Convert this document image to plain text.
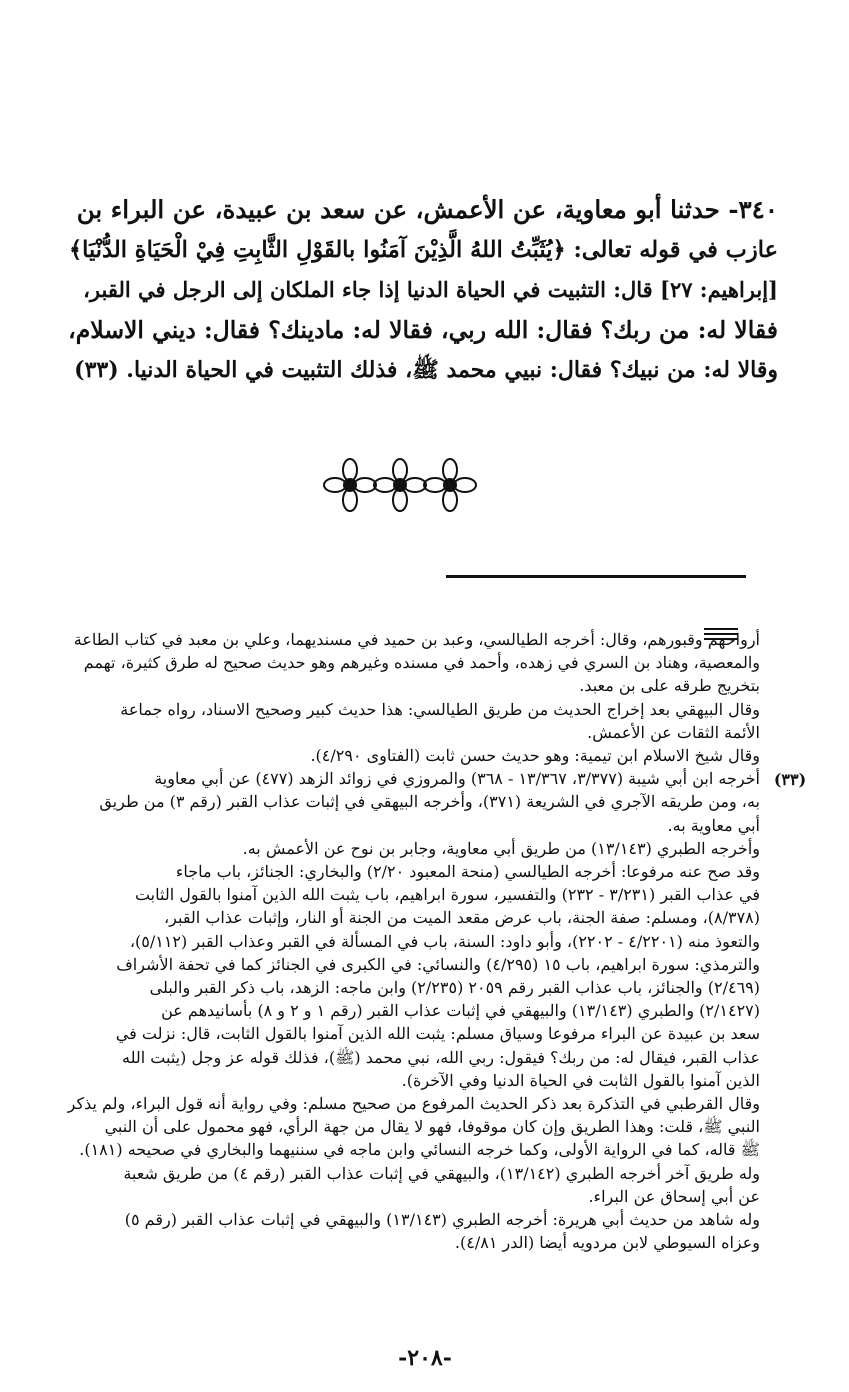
٣٤٠- حدثنا أبو معاوية، عن الأعمش، عن سعد بن عبيدة، عن البراء بن
عازب في قوله تعالى: ﴿يُثَبِّتُ اللهُ الَّذِيْنَ آمَنُوا بالقَوْلِ الثَّابِتِ فِيْ الْحَيَاةِ الدُّنْيَا﴾
[إبراهيم: ٢٧] قال: التثبيت في الحياة الدنيا إذا جاء الملكان إلى الرجل في القبر،
فقالا له: من ربك؟ فقال: الله ربي، فقالا له: مادينك؟ فقال: ديني الاسلام،
وقالا له: من نبيك؟ فقال: نبيي محمد ﷺ، فذلك التثبيت في الحياة الدنيا. (٣٣)
(٣٣)
أرواحهم وقبورهم، وقال: أخرجه الطيالسي، وعبد بن حميد في مسنديهما، وعلي بن معبد في كتاب الطاعة
والمعصية، وهناد بن السري في زهده، وأحمد في مسنده وغيرهم وهو حديث صحيح له طرق كثيرة، تهمم
بتخريج طرقه على بن معبد.
وقال البيهقي بعد إخراج الحديث من طريق الطيالسي: هذا حديث كبير وصحيح الاسناد، رواه جماعة
الأئمة الثقات عن الأعمش.
وقال شيخ الاسلام ابن تيمية: وهو حديث حسن ثابت (الفتاوى ٤/٢٩٠).
أخرجه ابن أبي شيبة (٣/٣٧٧، ١٣/٣٦٧ - ٣٦٨) والمروزي في زوائد الزهد (٤٧٧) عن أبي معاوية
به، ومن طريقه الآجري في الشريعة (٣٧١)، وأخرجه البيهقي في إثبات عذاب القبر (رقم ٣) من طريق
أبي معاوية به.
وأخرجه الطبري (١٣/١٤٣) من طريق أبي معاوية، وجابر بن نوح عن الأعمش به.
وقد صح عنه مرفوعا: أخرجه الطيالسي (منحة المعبود ٢/٢٠) والبخاري: الجنائز، باب ماجاء
في عذاب القبر (٣/٢٣١ - ٢٣٢) والتفسير، سورة ابراهيم، باب يثبت الله الذين آمنوا بالقول الثابت
(٨/٣٧٨)، ومسلم: صفة الجنة، باب عرض مقعد الميت من الجنة أو النار، وإثبات عذاب القبر،
والتعوذ منه (٤/٢٢٠١ - ٢٢٠٢)، وأبو داود: السنة، باب في المسألة في القبر وعذاب القبر (٥/١١٢)،
والترمذي: سورة ابراهيم، باب ١٥ (٤/٢٩٥) والنسائي: في الكبرى في الجنائز كما في تحفة الأشراف
(٢/٤٦٩) والجنائز، باب عذاب القبر رقم ٢٠٥٩ (٢/٢٣٥) وابن ماجه: الزهد، باب ذكر القبر والبلى
(٢/١٤٢٧) والطبري (١٣/١٤٣) والبيهقي في إثبات عذاب القبر (رقم ١ و ٢ و ٨) بأسانيدهم عن
سعد بن عبيدة عن البراء مرفوعا وسياق مسلم: يثبت الله الذين آمنوا بالقول الثابت، قال: نزلت في
عذاب القبر، فيقال له: من ربك؟ فيقول: ربي الله، نبي محمد (ﷺ)، فذلك قوله عز وجل (يثبت الله
الذين آمنوا بالقول الثابت في الحياة الدنيا وفي الآخرة).
وقال القرطبي في التذكرة بعد ذكر الحديث المرفوع من صحيح مسلم: وفي رواية أنه قول البراء، ولم يذكر
النبي ﷺ، قلت: وهذا الطريق وإن كان موقوفا، فهو لا يقال من جهة الرأي، فهو محمول على أن النبي
ﷺ قاله، كما في الرواية الأولى، وكما خرجه النسائي وابن ماجه في سننيهما والبخاري في صحيحه (١٨١).
وله طريق آخر أخرجه الطبري (١٣/١٤٢)، والبيهقي في إثبات عذاب القبر (رقم ٤) من طريق شعبة
عن أبي إسحاق عن البراء.
وله شاهد من حديث أبي هريرة: أخرجه الطبري (١٣/١٤٣) والبيهقي في إثبات عذاب القبر (رقم ٥)
وعزاه السيوطي لابن مردويه أيضا (الدر ٤/٨١).
-٢٠٨-
